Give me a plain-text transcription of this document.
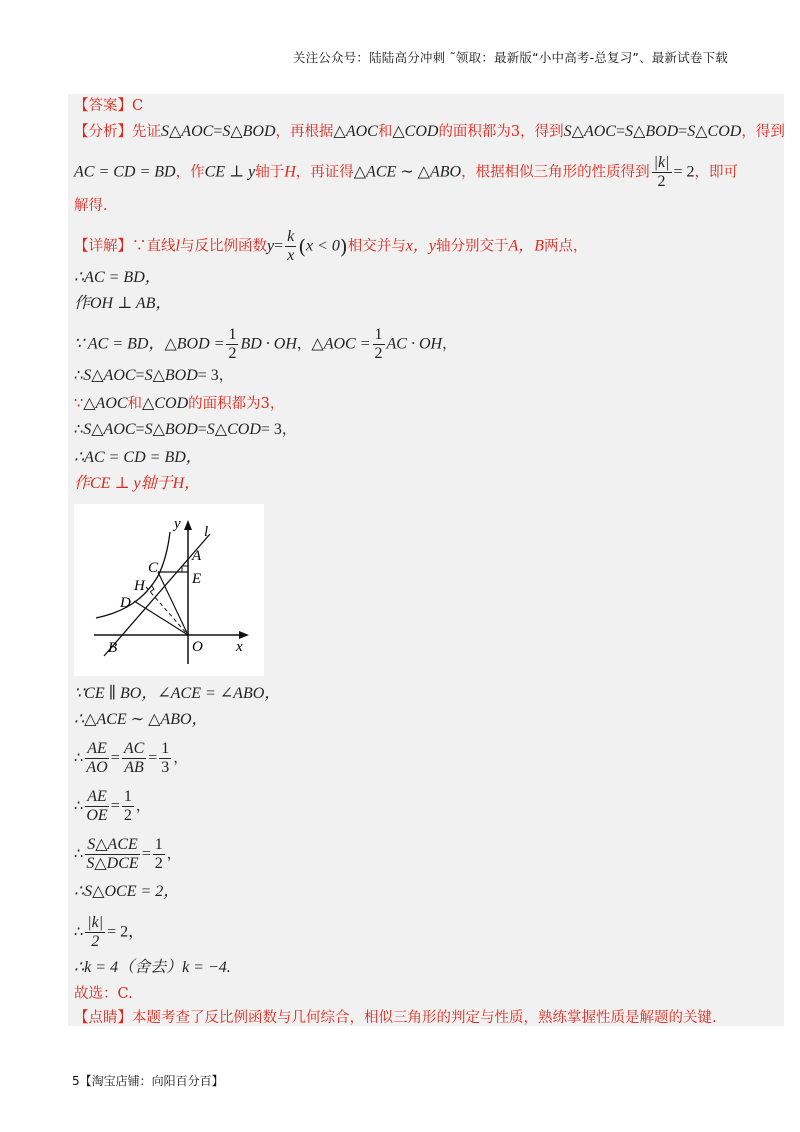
关注公众号：陆陆高分冲刺 ˜领取：最新版“小中高考-总复习”、最新试卷下载
【答案】C
【分析】先证S△AOC=S△BOD，再根据△AOC和△COD的面积都为3，得到S△AOC=S△BOD=S△COD，得到
AC = CD = BD，作CE ⊥ y轴于H，再证得△ACE ∼ △ABO，根据相似三角形的性质得到 $\frac{|k|}{2} = 2$，即可
解得.
【详解】∵直线l与反比例函数$y= \frac{k}{x} (x < 0)$相交并与x，y轴分别交于A，B两点，
∴AC = BD，
作OH ⊥ AB，
∵ AC = BD，△BOD = $\frac{1}{2}$ BD · OH，△AOC = $\frac{1}{2}$ AC · OH，
∴S△AOC=S△BOD= 3，
∵△AOC和△COD的面积都为3，
∴S△AOC=S△BOD=S△COD= 3，
∴AC = CD = BD，
作CE ⊥ y轴于H，
y l
A
C
E
H
D
B	O x
∵CE ∥ BO，∠ACE = ∠ABO，
∴△ACE ∼ △ABO，
∴ $\frac{AE}{AO} = \frac{AC}{AB} = \frac{1}{3}$ ，
∴ $\frac{AE}{OE} = \frac{1}{2}$ ，
∴ $\frac{\text{S△ACE}}{\text{S△DCE}} = \frac{1}{2}$ ，
∴S△OCE = 2，
∴ $\frac{|k|}{2} = 2$，
∴k = 4（舍去）k = −4.
故选：C.
【点睛】本题考查了反比例函数与几何综合，相似三角形的判定与性质，熟练掌握性质是解题的关键.
5【淘宝店铺：向阳百分百】
